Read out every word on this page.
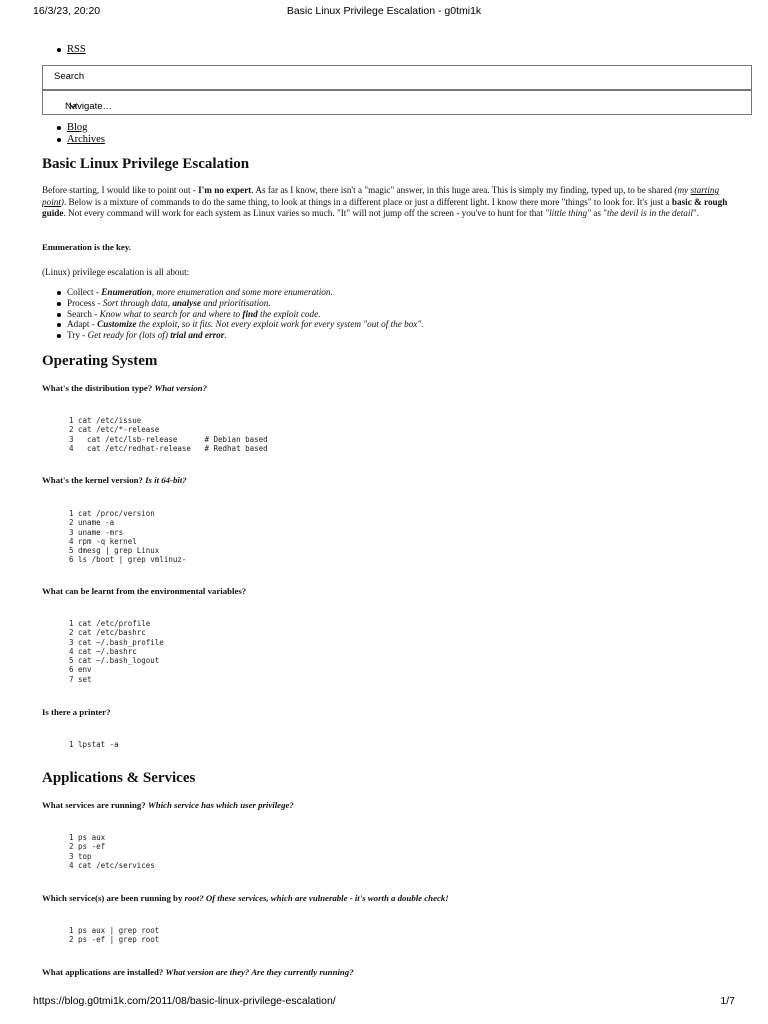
16/3/23, 20:20	Basic Linux Privilege Escalation - g0tmi1k
RSS
Search
Navigate…
Blog
Archives
Basic Linux Privilege Escalation

Before starting, I would like to point out - I'm no expert. As far as I know, there isn't a "magic" answer, in this huge area. This is simply my finding, typed up, to be shared (my starting point). Below is a mixture of commands to do the same thing, to look at things in a different place or just a different light. I know there more "things" to look for. It's just a basic & rough guide. Not every command will work for each system as Linux varies so much. "It" will not jump off the screen - you've to hunt for that "little thing" as "the devil is in the detail".

Enumeration is the key.

(Linux) privilege escalation is all about:

Collect - Enumeration, more enumeration and some more enumeration.
Process - Sort through data, analyse and prioritisation.
Search - Know what to search for and where to find the exploit code.
Adapt - Customize the exploit, so it fits. Not every exploit work for every system "out of the box".
Try - Get ready for (lots of) trial and error.
Operating System

What's the distribution type? What version?

1 cat /etc/issue
2 cat /etc/*-release
3   cat /etc/lsb-release      # Debian based
4   cat /etc/redhat-release   # Redhat based

What's the kernel version? Is it 64-bit?

1 cat /proc/version
2 uname -a
3 uname -mrs
4 rpm -q kernel
5 dmesg | grep Linux
6 ls /boot | grep vmlinuz-

What can be learnt from the environmental variables?

1 cat /etc/profile
2 cat /etc/bashrc
3 cat ~/.bash_profile
4 cat ~/.bashrc
5 cat ~/.bash_logout
6 env
7 set

Is there a printer?

1 lpstat -a
Applications & Services

What services are running? Which service has which user privilege?

1 ps aux
2 ps -ef
3 top
4 cat /etc/services

Which service(s) are been running by root? Of these services, which are vulnerable - it's worth a double check!

1 ps aux | grep root
2 ps -ef | grep root

What applications are installed? What version are they? Are they currently running?

https://blog.g0tmi1k.com/2011/08/basic-linux-privilege-escalation/	1/7
